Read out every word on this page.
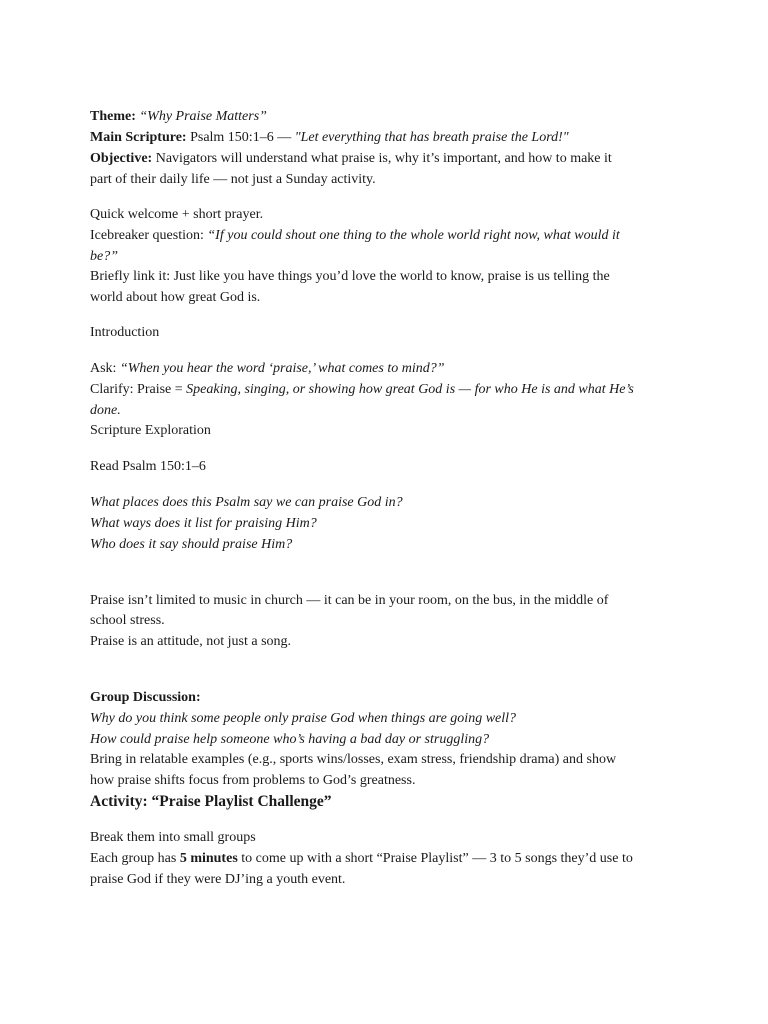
Theme: “Why Praise Matters”
Main Scripture: Psalm 150:1–6 — "Let everything that has breath praise the Lord!"
Objective: Navigators will understand what praise is, why it’s important, and how to make it
part of their daily life — not just a Sunday activity.
Quick welcome + short prayer.
Icebreaker question: “If you could shout one thing to the whole world right now, what would it
be?”
Briefly link it: Just like you have things you’d love the world to know, praise is us telling the
world about how great God is.
Introduction
Ask: “When you hear the word ‘praise,’ what comes to mind?”
Clarify: Praise = Speaking, singing, or showing how great God is — for who He is and what He’s
done.
Scripture Exploration
Read Psalm 150:1–6
What places does this Psalm say we can praise God in?
What ways does it list for praising Him?
Who does it say should praise Him?
Praise isn’t limited to music in church — it can be in your room, on the bus, in the middle of
school stress.
Praise is an attitude, not just a song.
Group Discussion:
Why do you think some people only praise God when things are going well?
How could praise help someone who’s having a bad day or struggling?
Bring in relatable examples (e.g., sports wins/losses, exam stress, friendship drama) and show
how praise shifts focus from problems to God’s greatness.
Activity: “Praise Playlist Challenge”
Break them into small groups
Each group has 5 minutes to come up with a short “Praise Playlist” — 3 to 5 songs they’d use to
praise God if they were DJ’ing a youth event.
